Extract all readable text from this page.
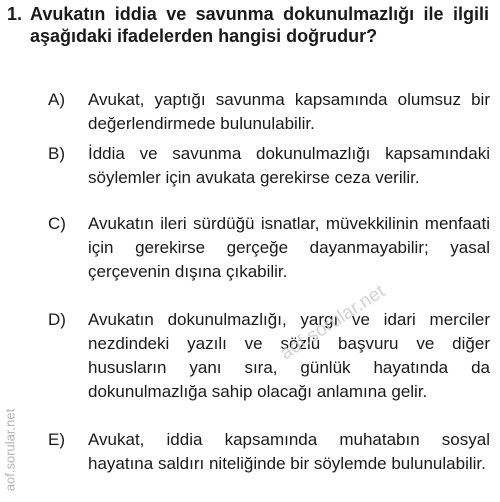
1. Avukatın iddia ve savunma dokunulmazlığı ile ilgili aşağıdaki ifadelerden hangisi doğrudur?
A) Avukat, yaptığı savunma kapsamında olumsuz bir değerlendirmede bulunulabilir.
B) İddia ve savunma dokunulmazlığı kapsamındaki söylemler için avukata gerekirse ceza verilir.
C) Avukatın ileri sürdüğü isnatlar, müvekkilinin menfaati için gerekirse gerçeğe dayanmayabilir; yasal çerçevenin dışına çıkabilir.
D) Avukatın dokunulmazlığı, yargı ve idari merciler nezdindeki yazılı ve sözlü başvuru ve diğer hususların yanı sıra, günlük hayatında da dokunulmazlığa sahip olacağı anlamına gelir.
E) Avukat, iddia kapsamında muhatabın sosyal hayatına saldırı niteliğinde bir söylemde bulunulabilir.
aof.sorular.net
aof.sorular.net
